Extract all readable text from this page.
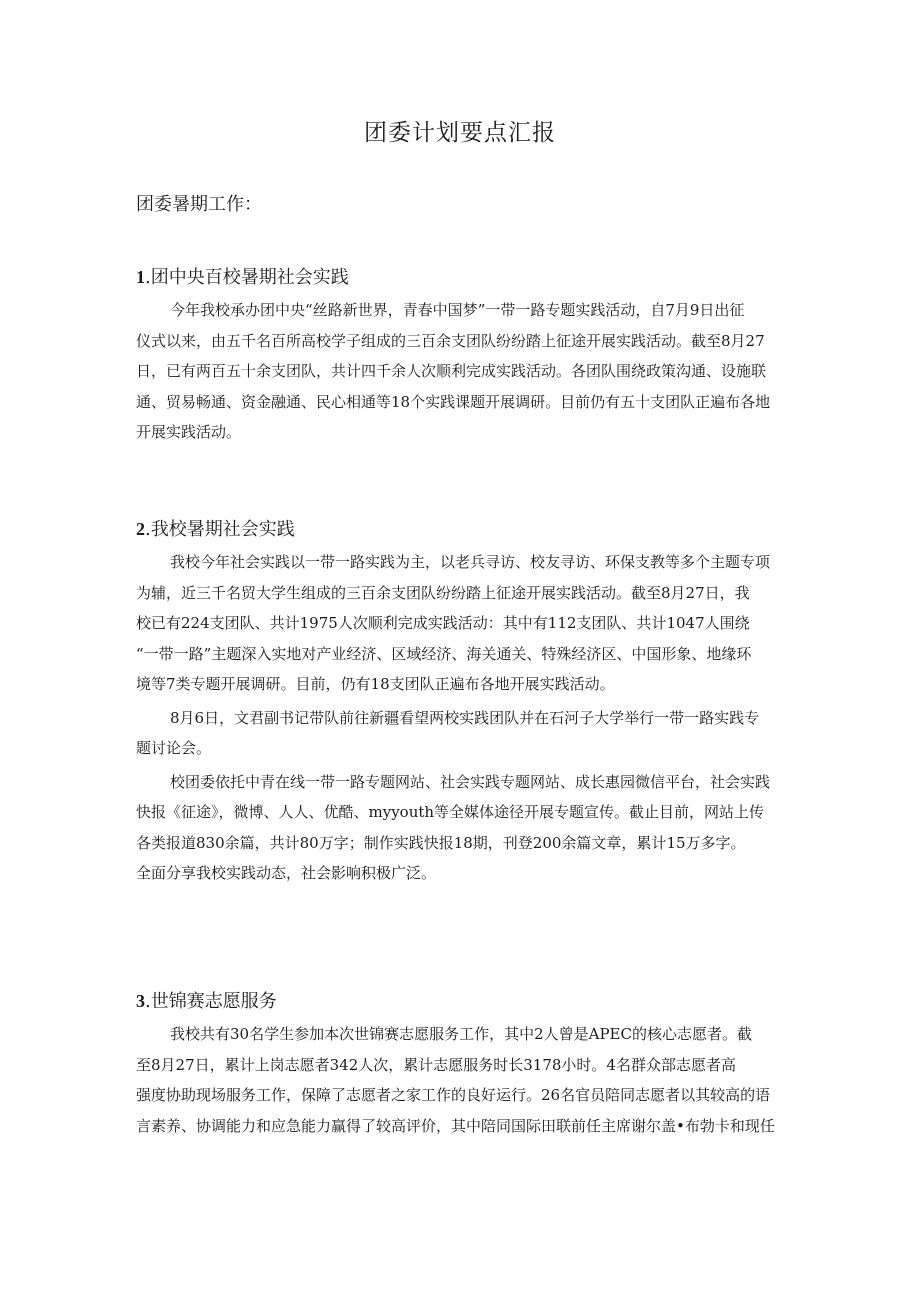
团委计划要点汇报
团委暑期工作：
1.团中央百校暑期社会实践
今年我校承办团中央“丝路新世界，青春中国梦”一带一路专题实践活动，自7月9日出征
仪式以来，由五千名百所高校学子组成的三百余支团队纷纷踏上征途开展实践活动。截至8月27
日，已有两百五十余支团队，共计四千余人次顺利完成实践活动。各团队围绕政策沟通、设施联
通、贸易畅通、资金融通、民心相通等18个实践课题开展调研。目前仍有五十支团队正遍布各地
开展实践活动。
2.我校暑期社会实践
我校今年社会实践以一带一路实践为主，以老兵寻访、校友寻访、环保支教等多个主题专项
为辅，近三千名贸大学生组成的三百余支团队纷纷踏上征途开展实践活动。截至8月27日，我
校已有224支团队、共计1975人次顺利完成实践活动：其中有112支团队、共计1047人围绕
“一带一路”主题深入实地对产业经济、区域经济、海关通关、特殊经济区、中国形象、地缘环
境等7类专题开展调研。目前，仍有18支团队正遍布各地开展实践活动。
8月6日，文君副书记带队前往新疆看望两校实践团队并在石河子大学举行一带一路实践专
题讨论会。
校团委依托中青在线一带一路专题网站、社会实践专题网站、成长惠园微信平台，社会实践
快报《征途》，微博、人人、优酷、myyouth等全媒体途径开展专题宣传。截止目前，网站上传
各类报道830余篇，共计80万字；制作实践快报18期，刊登200余篇文章，累计15万多字。
全面分享我校实践动态，社会影响积极广泛。
3.世锦赛志愿服务
我校共有30名学生参加本次世锦赛志愿服务工作，其中2人曾是APEC的核心志愿者。截
至8月27日，累计上岗志愿者342人次，累计志愿服务时长3178小时。4名群众部志愿者高
强度协助现场服务工作，保障了志愿者之家工作的良好运行。26名官员陪同志愿者以其较高的语
言素养、协调能力和应急能力赢得了较高评价，其中陪同国际田联前任主席谢尔盖•布勃卡和现任
